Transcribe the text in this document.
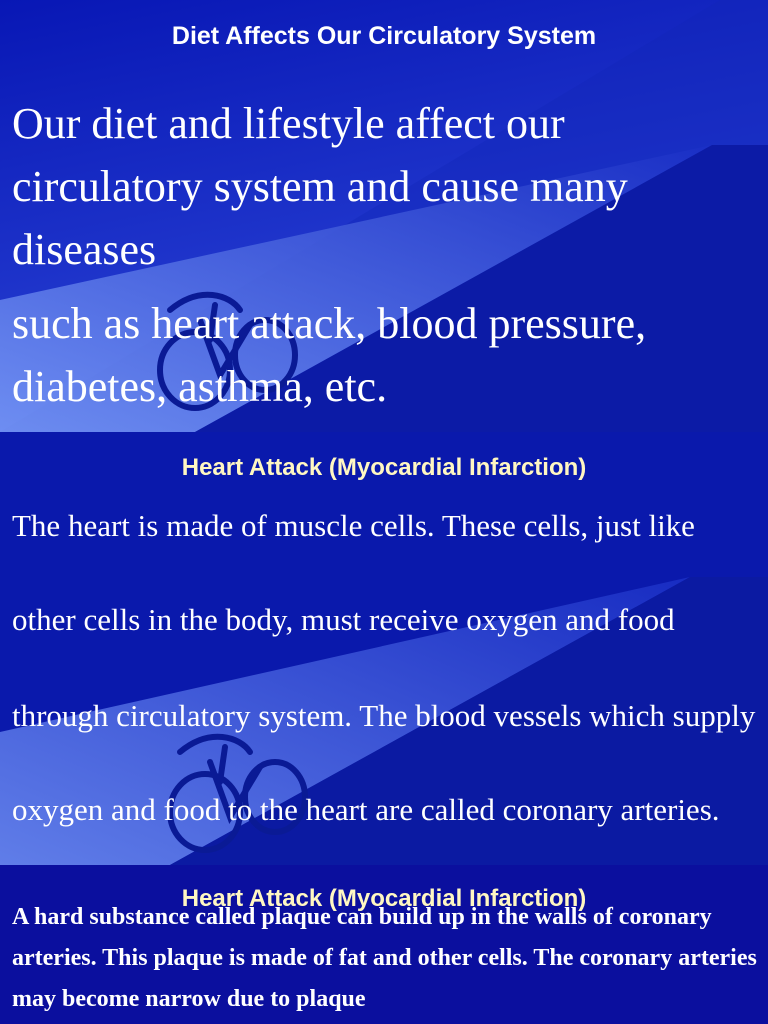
Diet Affects Our Circulatory System

Our diet and lifestyle affect our circulatory system and cause many diseases

such as heart attack, blood pressure, diabetes, asthma, etc.

Heart Attack (Myocardial Infarction)

The heart is made of muscle cells. These cells, just like

other cells in the body, must receive oxygen and food

through circulatory system. The blood vessels which supply

oxygen and food to the heart are called coronary arteries.

Heart Attack (Myocardial Infarction)

A hard substance called plaque can build up in the walls of coronary arteries. This plaque is made of fat and other cells. The coronary arteries may become narrow due to plaque
